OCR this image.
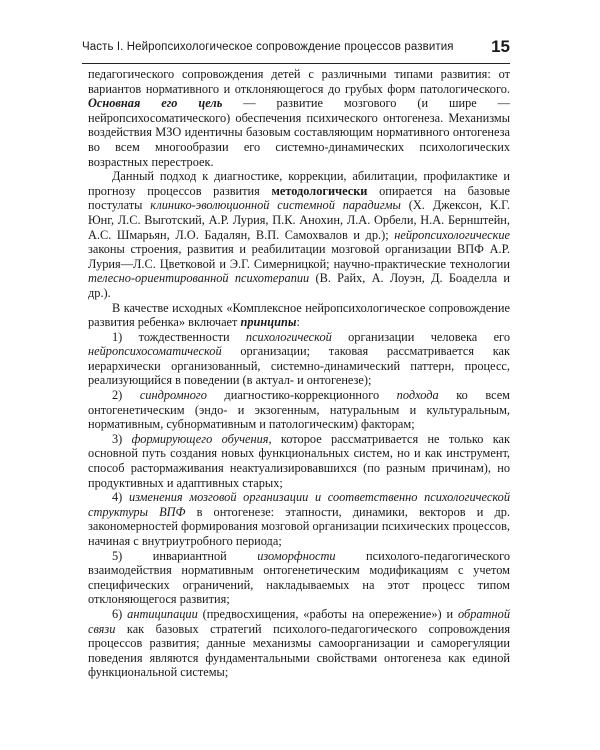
Часть I. Нейропсихологическое сопровождение процессов развития 15

педагогического сопровождения детей с различными типами развития: от вариантов нормативного и отклоняющегося до грубых форм патологического. Основная его цель — развитие мозгового (и шире — нейропсихосоматического) обеспечения психического онтогенеза. Механизмы воздействия МЗО идентичны базовым составляющим нормативного онтогенеза во всем многообразии его системно-динамических психологических возрастных перестроек.

Данный подход к диагностике, коррекции, абилитации, профилактике и прогнозу процессов развития методологически опирается на базовые постулаты клинико-эволюционной системной парадигмы (Х. Джексон, К.Г. Юнг, Л.С. Выготский, А.Р. Лурия, П.К. Анохин, Л.А. Орбели, Н.А. Бернштейн, А.С. Шмарьян, Л.О. Бадалян, В.П. Самохвалов и др.); нейропсихологические законы строения, развития и реабилитации мозговой организации ВПФ А.Р. Лурия—Л.С. Цветковой и Э.Г. Симерницкой; научно-практические технологии телесно-ориентированной психотерапии (В. Райх, А. Лоуэн, Д. Боаделла и др.).

В качестве исходных «Комплексное нейропсихологическое сопровождение развития ребенка» включает принципы:

1) тождественности психологической организации человека его нейропсихосоматической организации; таковая рассматривается как иерархически организованный, системно-динамический паттерн, процесс, реализующийся в поведении (в актуал- и онтогенезе);

2) синдромного диагностико-коррекционного подхода ко всем онтогенетическим (эндо- и экзогенным, натуральным и культуральным, нормативным, субнормативным и патологическим) факторам;

3) формирующего обучения, которое рассматривается не только как основной путь создания новых функциональных систем, но и как инструмент, способ растормаживания неактуализировавшихся (по разным причинам), но продуктивных и адаптивных старых;

4) изменения мозговой организации и соответственно психологической структуры ВПФ в онтогенезе: этапности, динамики, векторов и др. закономерностей формирования мозговой организации психических процессов, начиная с внутриутробного периода;

5) инвариантной изоморфности психолого-педагогического взаимодействия нормативным онтогенетическим модификациям с учетом специфических ограничений, накладываемых на этот процесс типом отклоняющегося развития;

6) антиципации (предвосхищения, «работы на опережение») и обратной связи как базовых стратегий психолого-педагогического сопровождения процессов развития; данные механизмы самоорганизации и саморегуляции поведения являются фундаментальными свойствами онтогенеза как единой функциональной системы;
